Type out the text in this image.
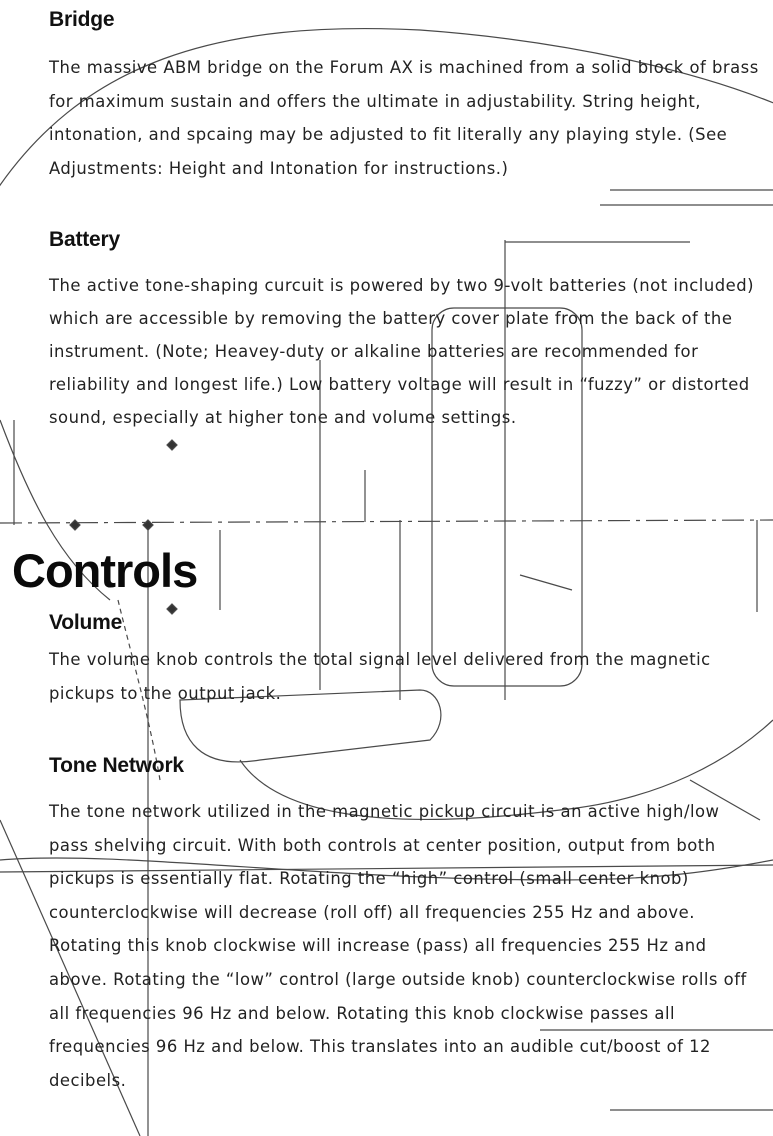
Bridge

The massive ABM bridge on the Forum AX is machined from a solid block of brass for maximum sustain and offers the ultimate in adjustability. String height, intonation, and spcaing may be adjusted to fit literally any playing style. (See Adjustments: Height and Intonation for instructions.)

Battery

The active tone-shaping curcuit is powered by two 9-volt batteries (not included) which are accessible by removing the battery cover plate from the back of the instrument. (Note; Heavey-duty or alkaline batteries are recommended for reliability and longest life.) Low battery voltage will result in “fuzzy” or distorted sound, especially at higher tone and volume settings.

Controls
Volume

The volume knob controls the total signal level delivered from the magnetic pickups to the output jack.

Tone Network

The tone network utilized in the magnetic pickup circuit is an active high/low pass shelving circuit. With both controls at center position, output from both pickups is essentially flat. Rotating the “high” control (small center knob) counterclockwise will decrease (roll off) all frequencies 255 Hz and above. Rotating this knob clockwise will increase (pass) all frequencies 255 Hz and above. Rotating the “low” control (large outside knob) counterclockwise rolls off all frequencies 96 Hz and below. Rotating this knob clockwise passes all frequencies 96 Hz and below. This translates into an audible cut/boost of 12 decibels.
